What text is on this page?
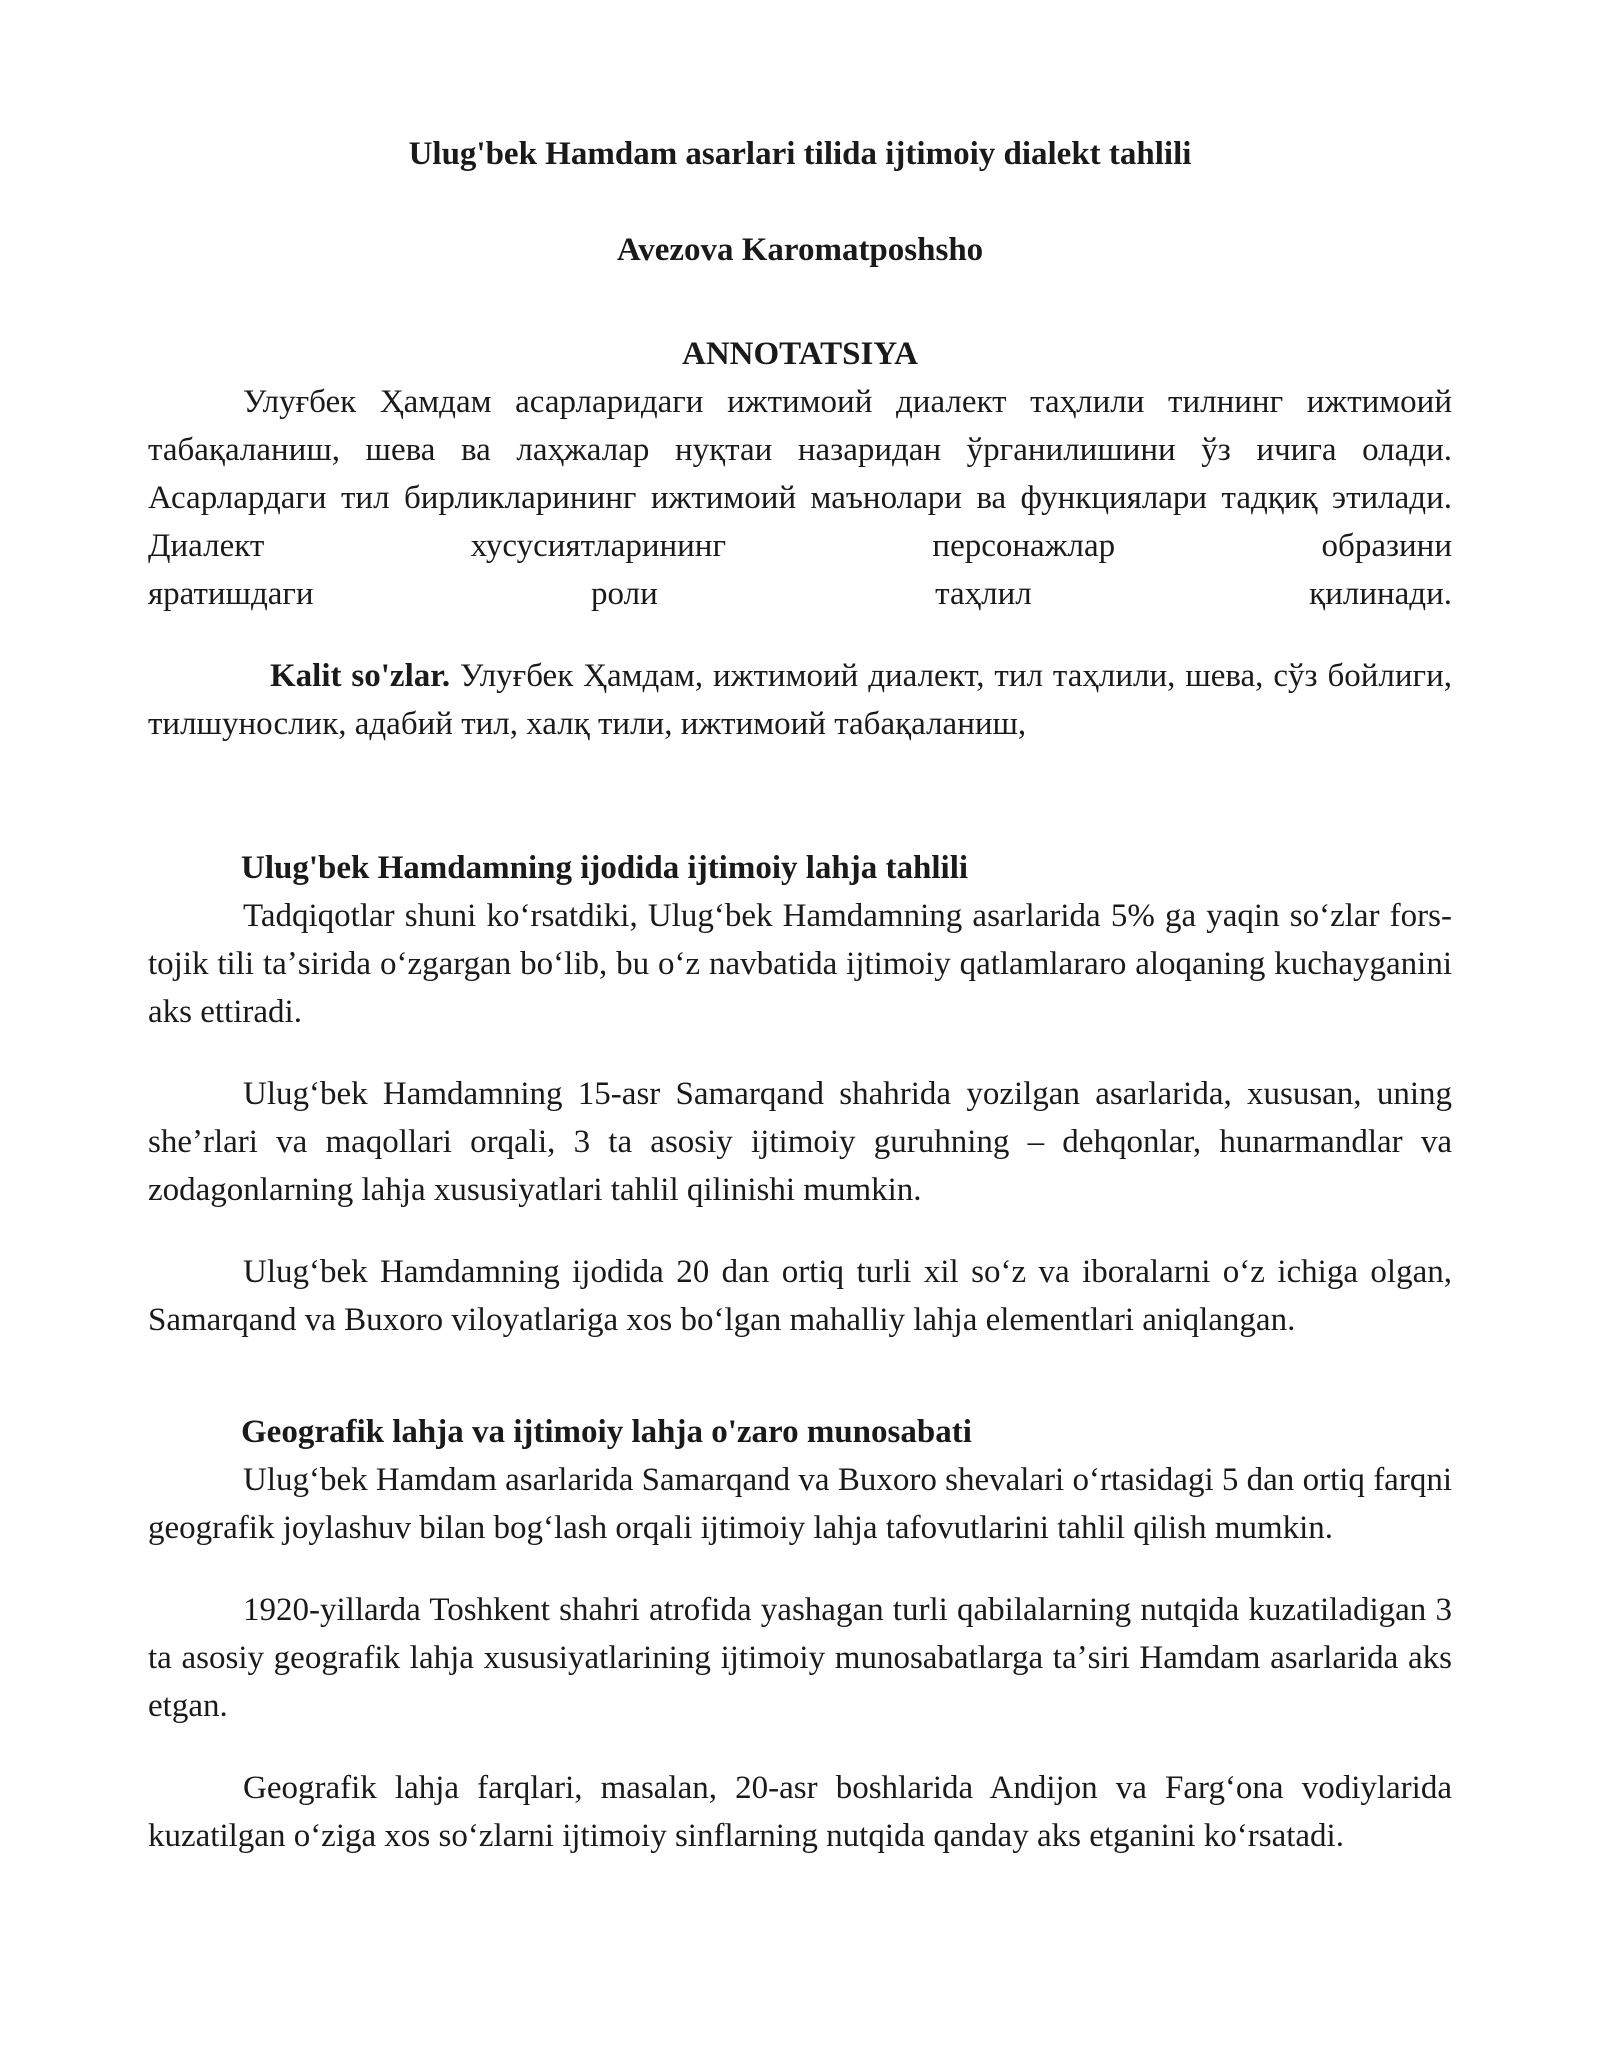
Ulug'bek Hamdam asarlari tilida ijtimoiy dialekt tahlili
Avezova Karomatposhsho
ANNOTATSIYA

Улуғбек Ҳамдам асарларидаги ижтимоий диалект таҳлили тилнинг ижтимоий табақаланиш, шева ва лаҳжалар нуқтаи назаридан ўрганилишини ўз ичига олади. Асарлардаги тил бирликларининг ижтимоий маънолари ва функциялари тадқиқ этилади. Диалект хусусиятларининг персонажлар образини

яратишдаги роли таҳлил қилинади.

Kalit so'zlar. Улуғбек Ҳамдам, ижтимоий диалект, тил таҳлили, шева, сўз бойлиги, тилшунослик, адабий тил, халқ тили, ижтимоий табақаланиш,

Ulug'bek Hamdamning ijodida ijtimoiy lahja tahlili

Tadqiqotlar shuni koʻrsatdiki, Ulugʻbek Hamdamning asarlarida 5% ga yaqin soʻzlar fors-tojik tili taʼsirida oʻzgargan boʻlib, bu oʻz navbatida ijtimoiy qatlamlararo aloqaning kuchayganini aks ettiradi.

Ulugʻbek Hamdamning 15-asr Samarqand shahrida yozilgan asarlarida, xususan, uning sheʼrlari va maqollari orqali, 3 ta asosiy ijtimoiy guruhning – dehqonlar, hunarmandlar va zodagonlarning lahja xususiyatlari tahlil qilinishi mumkin.

Ulugʻbek Hamdamning ijodida 20 dan ortiq turli xil soʻz va iboralarni oʻz ichiga olgan, Samarqand va Buxoro viloyatlariga xos boʻlgan mahalliy lahja elementlari aniqlangan.

Geografik lahja va ijtimoiy lahja o'zaro munosabati

Ulugʻbek Hamdam asarlarida Samarqand va Buxoro shevalari oʻrtasidagi 5 dan ortiq farqni geografik joylashuv bilan bogʻlash orqali ijtimoiy lahja tafovutlarini tahlil qilish mumkin.

1920-yillarda Toshkent shahri atrofida yashagan turli qabilalarning nutqida kuzatiladigan 3 ta asosiy geografik lahja xususiyatlarining ijtimoiy munosabatlarga taʼsiri Hamdam asarlarida aks etgan.

Geografik lahja farqlari, masalan, 20-asr boshlarida Andijon va Fargʻona vodiylarida kuzatilgan oʻziga xos soʻzlarni ijtimoiy sinflarning nutqida qanday aks etganini koʻrsatadi.
